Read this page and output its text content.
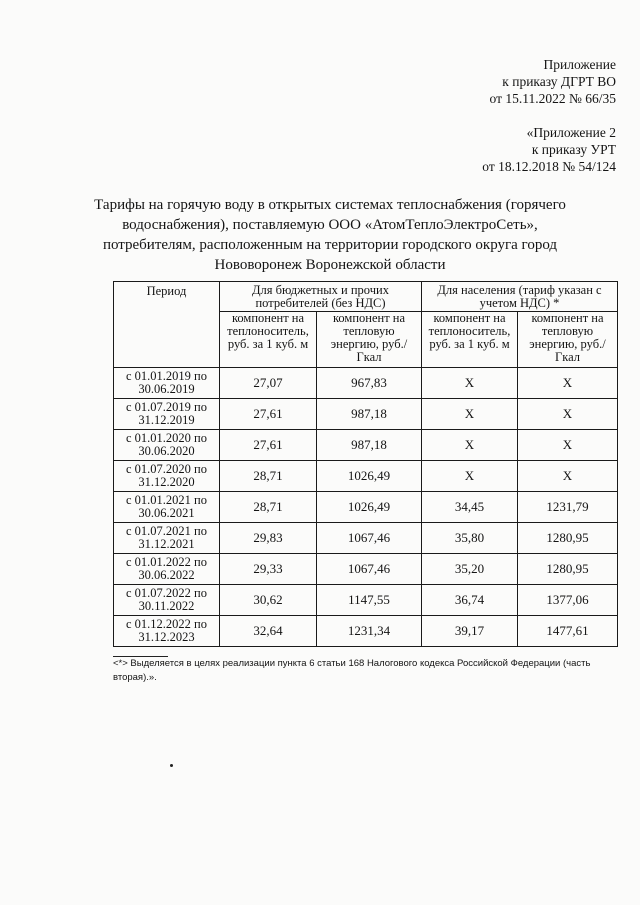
Приложение
к приказу ДГРТ ВО
от 15.11.2022 № 66/35
«Приложение 2
к приказу УРТ
от 18.12.2018 № 54/124
Тарифы на горячую воду в открытых системах теплоснабжения (горячего водоснабжения), поставляемую ООО «АтомТеплоЭлектроСеть», потребителям, расположенным на территории городского округа город Нововоронеж Воронежской области
Период	Для бюджетных и прочих потребителей (без НДС)		Для населения (тариф указан с учетом НДС) *	
	компонент на теплоноситель, руб. за 1 куб. м	компонент на тепловую энергию, руб./Гкал	компонент на теплоноситель, руб. за 1 куб. м	компонент на тепловую энергию, руб./Гкал

с 01.01.2019 по
30.06.2019	27,07	967,83	Х	Х

с 01.07.2019 по
31.12.2019	27,61	987,18	Х	Х

с 01.01.2020 по
30.06.2020	27,61	987,18	Х	Х

с 01.07.2020 по
31.12.2020	28,71	1026,49	Х	Х

с 01.01.2021 по
30.06.2021	28,71	1026,49	34,45	1231,79

с 01.07.2021 по
31.12.2021	29,83	1067,46	35,80	1280,95

с 01.01.2022 по
30.06.2022	29,33	1067,46	35,20	1280,95

с 01.07.2022 по
30.11.2022	30,62	1147,55	36,74	1377,06

с 01.12.2022 по
31.12.2023	32,64	1231,34	39,17	1477,61
<*> Выделяется в целях реализации пункта 6 статьи 168 Налогового кодекса Российской Федерации (часть вторая).».
